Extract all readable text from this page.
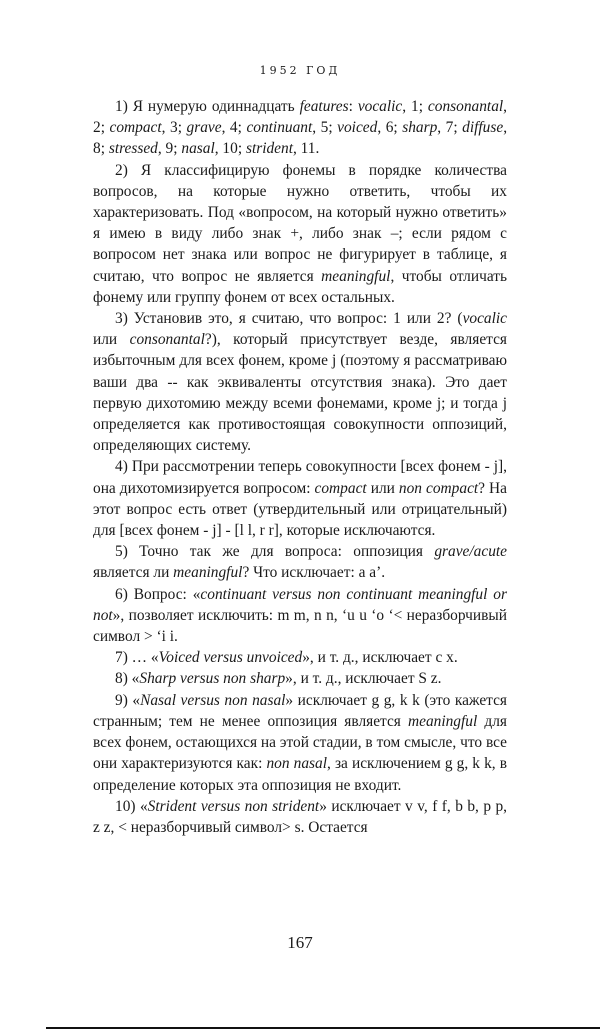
1952 ГОД

1) Я нумерую одиннадцать features: vocalic, 1; consonantal, 2; compact, 3; grave, 4; continuant, 5; voiced, 6; sharp, 7; diffuse, 8; stressed, 9; nasal, 10; strident, 11.

2) Я классифицирую фонемы в порядке количества вопросов, на которые нужно ответить, чтобы их характеризовать. Под «вопросом, на который нужно ответить» я имею в виду либо знак +, либо знак –; если рядом с вопросом нет знака или вопрос не фигурирует в таблице, я считаю, что вопрос не является meaningful, чтобы отличать фонему или группу фонем от всех остальных.

3) Установив это, я считаю, что вопрос: 1 или 2? (vocalic или consonantal?), который присутствует везде, является избыточным для всех фонем, кроме j (поэтому я рассматриваю ваши два -- как эквиваленты отсутствия знака). Это дает первую дихотомию между всеми фонемами, кроме j; и тогда j определяется как противостоящая совокупности оппозиций, определяющих систему.

4) При рассмотрении теперь совокупности [всех фонем - j], она дихотомизируется вопросом: compact или non compact? На этот вопрос есть ответ (утвердительный или отрицательный) для [всех фонем - j] - [l l, r r], которые исключаются.

5) Точно так же для вопроса: оппозиция grave/acute является ли meaningful? Что исключает: a a’.

6) Вопрос: «continuant versus non continuant meaningful or not», позволяет исключить: m m, n n, ‘u u ‘o ‘< неразборчивый символ > ‘i i.

7) … «Voiced versus unvoiced», и т. д., исключает c x.

8) «Sharp versus non sharp», и т. д., исключает S z.

9) «Nasal versus non nasal» исключает g g, k k (это кажется странным; тем не менее оппозиция является meaningful для всех фонем, остающихся на этой стадии, в том смысле, что все они характеризуются как: non nasal, за исключением g g, k k, в определение которых эта оппозиция не входит.

10) «Strident versus non strident» исключает v v, f f, b b, p p, z z, < неразборчивый символ> s. Остается

167
